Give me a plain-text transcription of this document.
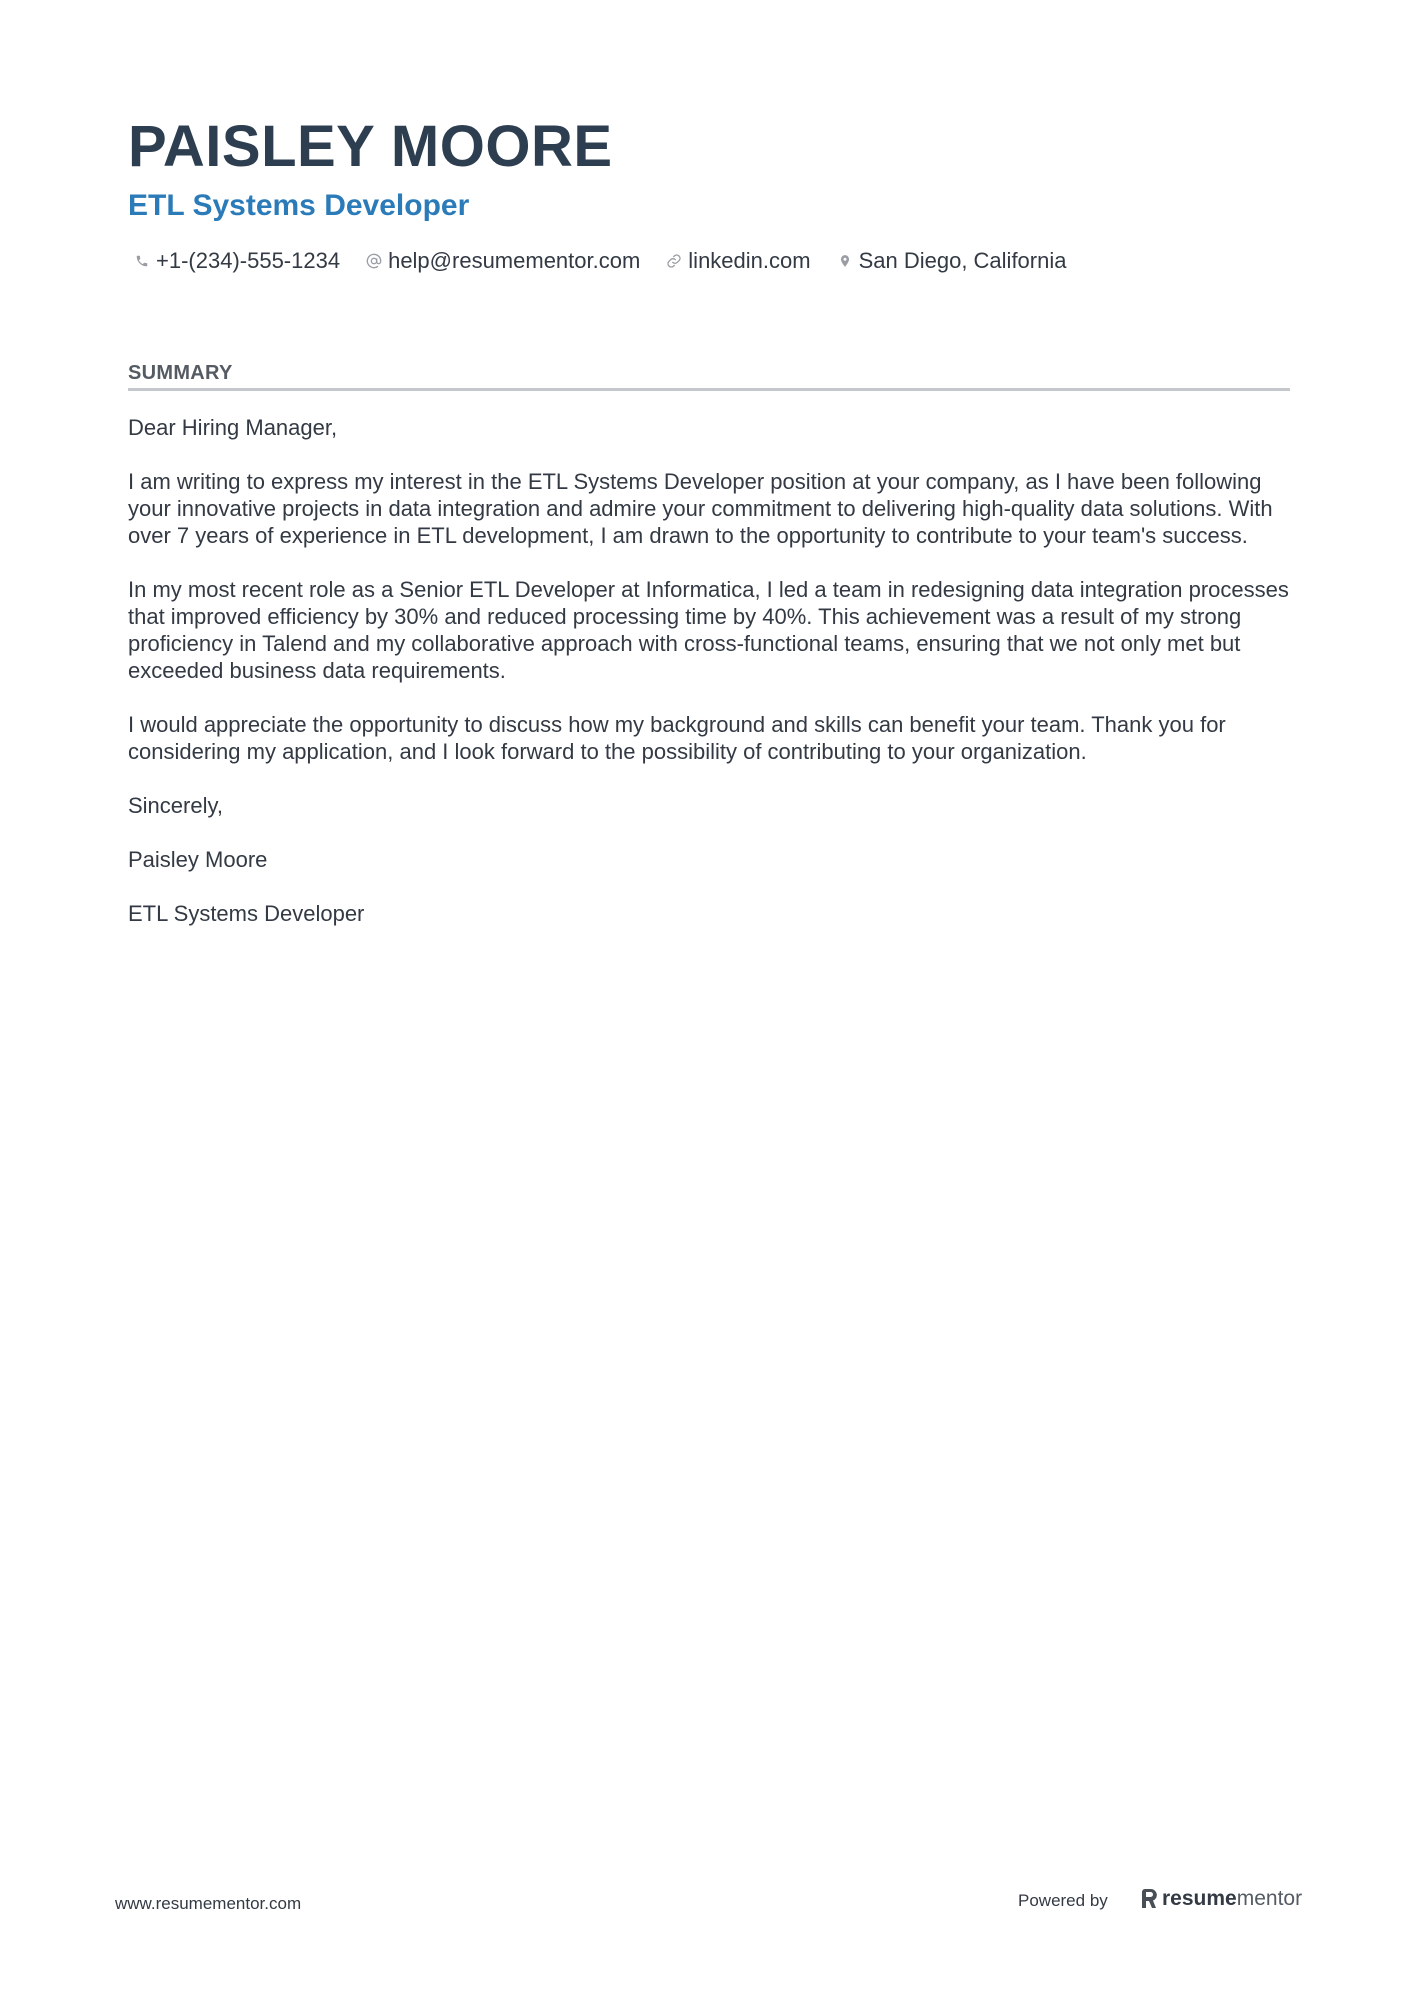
PAISLEY MOORE
ETL Systems Developer
+1-(234)-555-1234 help@resumementor.com linkedin.com San Diego, California
SUMMARY

Dear Hiring Manager,

I am writing to express my interest in the ETL Systems Developer position at your company, as I have been following your innovative projects in data integration and admire your commitment to delivering high-quality data solutions. With over 7 years of experience in ETL development, I am drawn to the opportunity to contribute to your team's success.

In my most recent role as a Senior ETL Developer at Informatica, I led a team in redesigning data integration processes that improved efficiency by 30% and reduced processing time by 40%. This achievement was a result of my strong proficiency in Talend and my collaborative approach with cross-functional teams, ensuring that we not only met but exceeded business data requirements.

I would appreciate the opportunity to discuss how my background and skills can benefit your team. Thank you for considering my application, and I look forward to the possibility of contributing to your organization.

Sincerely,

Paisley Moore

ETL Systems Developer

www.resumementor.com	Powered by	resume mentor
